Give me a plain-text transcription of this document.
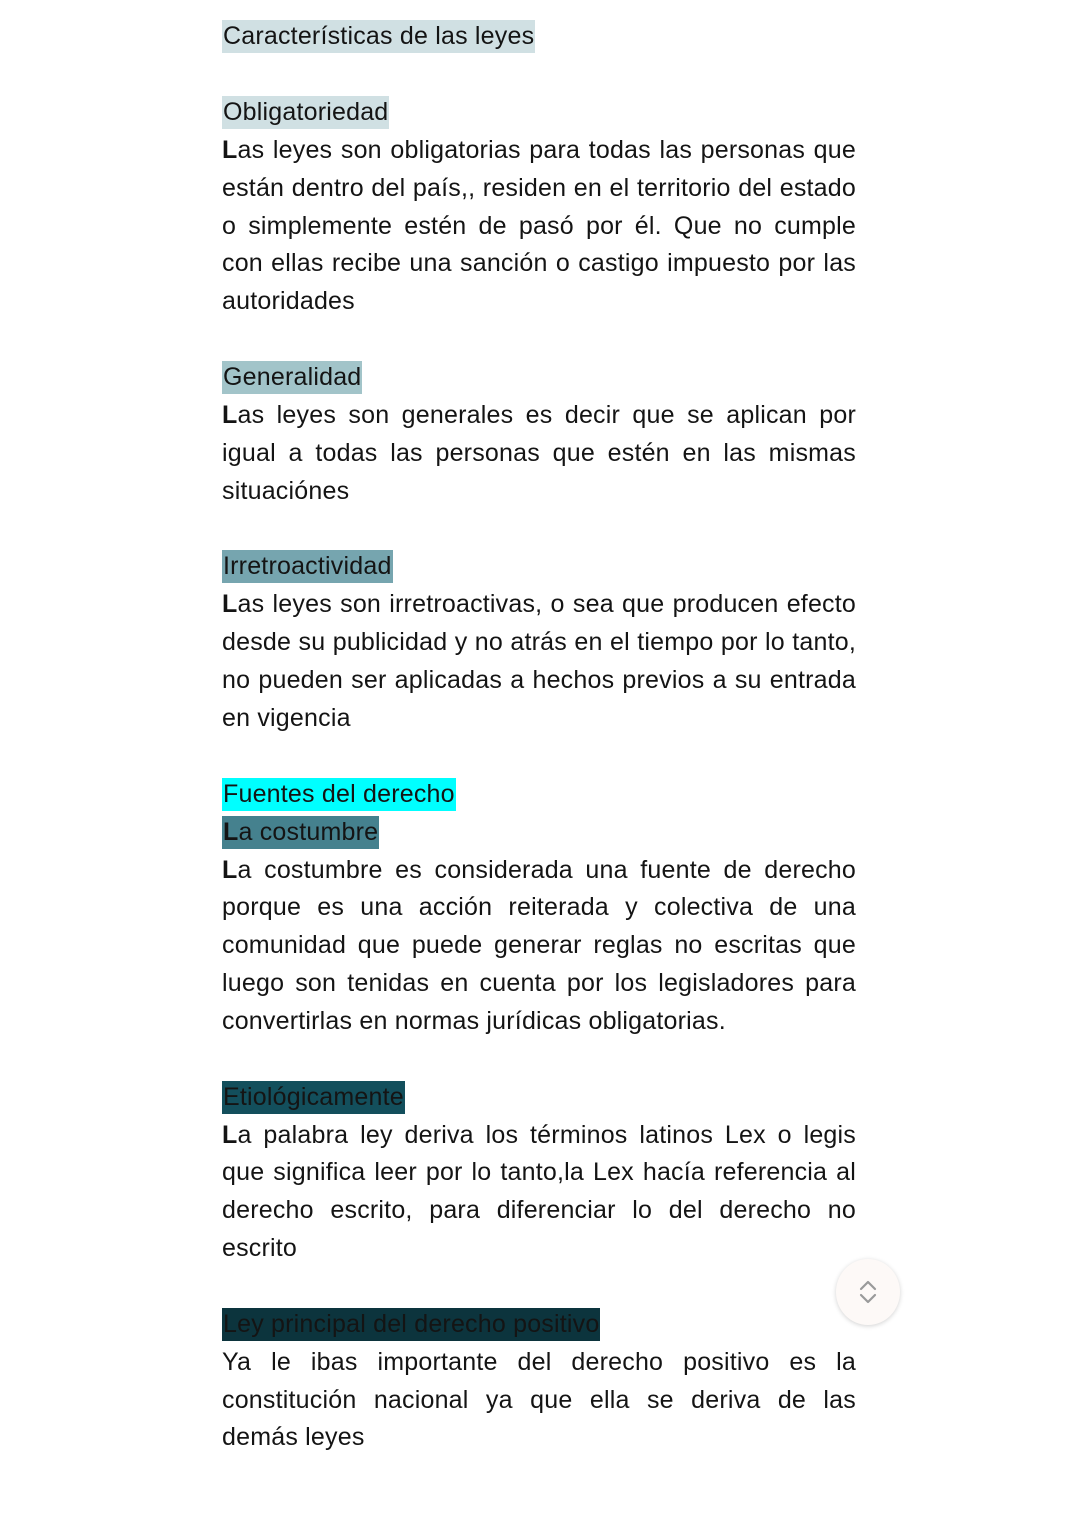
Características de las leyes
Obligatoriedad

Las leyes son obligatorias para todas las personas que están dentro del país,, residen en el territorio del estado o simplemente estén de pasó por él. Que no cumple con ellas recibe una sanción o castigo impuesto por las autoridades

Generalidad

Las leyes son generales es decir que se aplican por igual a todas las personas que estén en las mismas situaciónes

Irretroactividad

Las leyes son irretroactivas, o sea que producen efecto desde su publicidad y no atrás en el tiempo por lo tanto, no pueden ser aplicadas a hechos previos a su entrada en vigencia

Fuentes del derecho
La costumbre

La costumbre es considerada una fuente de derecho porque es una acción reiterada y colectiva de una comunidad que puede generar reglas no escritas que luego son tenidas en cuenta por los legisladores para convertirlas en normas jurídicas obligatorias.

Etiológicamente

La palabra ley deriva los términos latinos Lex o legis que significa leer por lo tanto,la Lex hacía referencia al derecho escrito, para diferenciar lo del derecho no escrito

Ley principal del derecho positivo

Ya le ibas importante del derecho positivo es la constitución nacional ya que ella se deriva de las demás leyes
